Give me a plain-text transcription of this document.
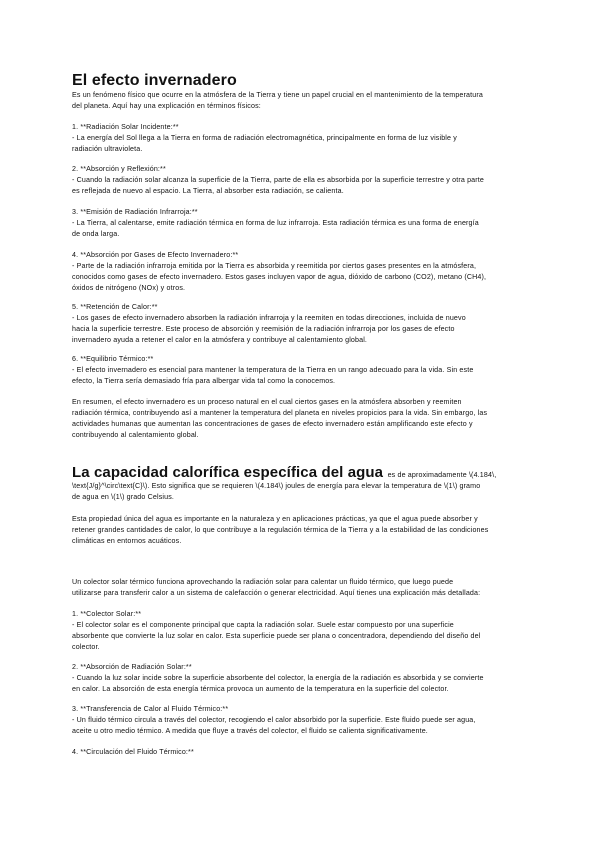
El efecto invernadero
Es un fenómeno físico que ocurre en la atmósfera de la Tierra y tiene un papel crucial en el mantenimiento de la temperatura
del planeta. Aquí hay una explicación en términos físicos:
1. **Radiación Solar Incidente:**
- La energía del Sol llega a la Tierra en forma de radiación electromagnética, principalmente en forma de luz visible y
radiación ultravioleta.
2. **Absorción y Reflexión:**
- Cuando la radiación solar alcanza la superficie de la Tierra, parte de ella es absorbida por la superficie terrestre y otra parte
es reflejada de nuevo al espacio. La Tierra, al absorber esta radiación, se calienta.
3. **Emisión de Radiación Infrarroja:**
- La Tierra, al calentarse, emite radiación térmica en forma de luz infrarroja. Esta radiación térmica es una forma de energía
de onda larga.
4. **Absorción por Gases de Efecto Invernadero:**
- Parte de la radiación infrarroja emitida por la Tierra es absorbida y reemitida por ciertos gases presentes en la atmósfera,
conocidos como gases de efecto invernadero. Estos gases incluyen vapor de agua, dióxido de carbono (CO2), metano (CH4),
óxidos de nitrógeno (NOx) y otros.
5. **Retención de Calor:**
- Los gases de efecto invernadero absorben la radiación infrarroja y la reemiten en todas direcciones, incluida de nuevo
hacia la superficie terrestre. Este proceso de absorción y reemisión de la radiación infrarroja por los gases de efecto
invernadero ayuda a retener el calor en la atmósfera y contribuye al calentamiento global.
6. **Equilibrio Térmico:**
- El efecto invernadero es esencial para mantener la temperatura de la Tierra en un rango adecuado para la vida. Sin este
efecto, la Tierra sería demasiado fría para albergar vida tal como la conocemos.
En resumen, el efecto invernadero es un proceso natural en el cual ciertos gases en la atmósfera absorben y reemiten
radiación térmica, contribuyendo así a mantener la temperatura del planeta en niveles propicios para la vida. Sin embargo, las
actividades humanas que aumentan las concentraciones de gases de efecto invernadero están amplificando este efecto y
contribuyendo al calentamiento global.
La capacidad calorífica específica del agua es de aproximadamente \(4.184\,
\text{J/g}^\circ\text{C}\). Esto significa que se requieren \(4.184\) joules de energía para elevar la temperatura de \(1\) gramo
de agua en \(1\) grado Celsius.
Esta propiedad única del agua es importante en la naturaleza y en aplicaciones prácticas, ya que el agua puede absorber y
retener grandes cantidades de calor, lo que contribuye a la regulación térmica de la Tierra y a la estabilidad de las condiciones
climáticas en entornos acuáticos.
Un colector solar térmico funciona aprovechando la radiación solar para calentar un fluido térmico, que luego puede
utilizarse para transferir calor a un sistema de calefacción o generar electricidad. Aquí tienes una explicación más detallada:
1. **Colector Solar:**
- El colector solar es el componente principal que capta la radiación solar. Suele estar compuesto por una superficie
absorbente que convierte la luz solar en calor. Esta superficie puede ser plana o concentradora, dependiendo del diseño del
colector.
2. **Absorción de Radiación Solar:**
- Cuando la luz solar incide sobre la superficie absorbente del colector, la energía de la radiación es absorbida y se convierte
en calor. La absorción de esta energía térmica provoca un aumento de la temperatura en la superficie del colector.
3. **Transferencia de Calor al Fluido Térmico:**
- Un fluido térmico circula a través del colector, recogiendo el calor absorbido por la superficie. Este fluido puede ser agua,
aceite u otro medio térmico. A medida que fluye a través del colector, el fluido se calienta significativamente.
4. **Circulación del Fluido Térmico:**
